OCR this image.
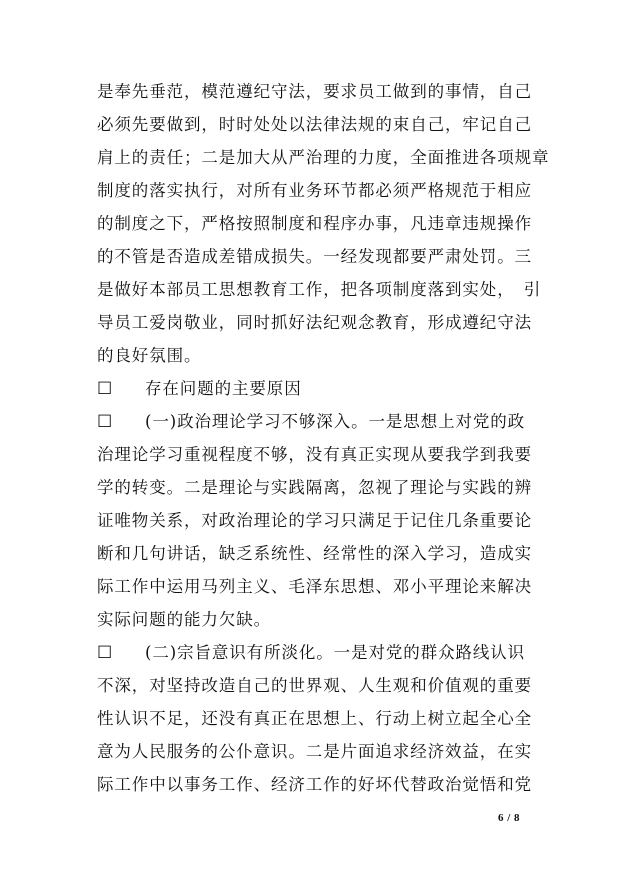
是奉先垂范，模范遵纪守法，要求员工做到的事情，自己
必须先要做到，时时处处以法律法规的束自己，牢记自己
肩上的责任；二是加大从严治理的力度，全面推进各项规章
制度的落实执行，对所有业务环节都必须严格规范于相应
的制度之下，严格按照制度和程序办事，凡违章违规操作
的不管是否造成差错成损失。一经发现都要严肃处罚。三
是做好本部员工思想教育工作，把各项制度落到实处，　引
导员工爱岗敬业，同时抓好法纪观念教育，形成遵纪守法
的良好氛围。
☐ 存在问题的主要原因
☐ (一)政治理论学习不够深入。一是思想上对党的政
治理论学习重视程度不够，没有真正实现从要我学到我要
学的转变。二是理论与实践隔离，忽视了理论与实践的辨
证唯物关系，对政治理论的学习只满足于记住几条重要论
断和几句讲话，缺乏系统性、经常性的深入学习，造成实
际工作中运用马列主义、毛泽东思想、邓小平理论来解决
实际问题的能力欠缺。
☐ (二)宗旨意识有所淡化。一是对党的群众路线认识
不深，对坚持改造自己的世界观、人生观和价值观的重要
性认识不足，还没有真正在思想上、行动上树立起全心全
意为人民服务的公仆意识。二是片面追求经济效益，在实
际工作中以事务工作、经济工作的好坏代替政治觉悟和党
6 / 8
